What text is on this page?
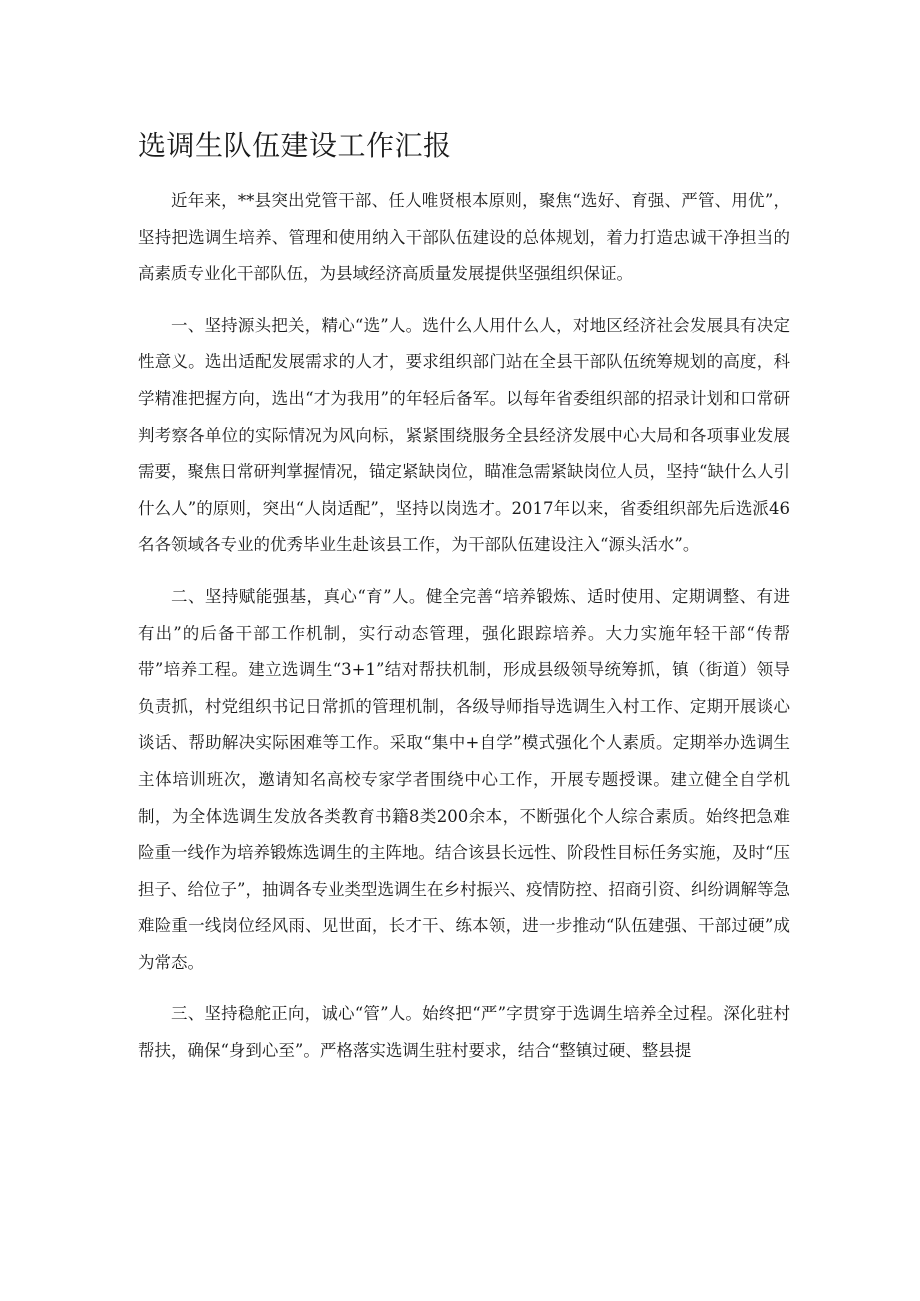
选调生队伍建设工作汇报

近年来，**县突出党管干部、任人唯贤根本原则，聚焦“选好、育强、严管、用优”，坚持把选调生培养、管理和使用纳入干部队伍建设的总体规划，着力打造忠诚干净担当的高素质专业化干部队伍，为县域经济高质量发展提供坚强组织保证。

一、坚持源头把关，精心“选”人。选什么人用什么人，对地区经济社会发展具有决定性意义。选出适配发展需求的人才，要求组织部门站在全县干部队伍统筹规划的高度，科学精准把握方向，选出“才为我用”的年轻后备军。以每年省委组织部的招录计划和口常研判考察各单位的实际情况为风向标，紧紧围绕服务全县经济发展中心大局和各项事业发展需要，聚焦日常研判掌握情况，锚定紧缺岗位，瞄准急需紧缺岗位人员，坚持“缺什么人引什么人”的原则，突出“人岗适配”，坚持以岗选才。2017年以来，省委组织部先后选派46名各领域各专业的优秀毕业生赴该县工作，为干部队伍建设注入“源头活水”。

二、坚持赋能强基，真心“育”人。健全完善“培养锻炼、适时使用、定期调整、有进有出”的后备干部工作机制，实行动态管理，强化跟踪培养。大力实施年轻干部“传帮带”培养工程。建立选调生“3+1”结对帮扶机制，形成县级领导统筹抓，镇（街道）领导负责抓，村党组织书记日常抓的管理机制，各级导师指导选调生入村工作、定期开展谈心谈话、帮助解决实际困难等工作。采取“集中+自学”模式强化个人素质。定期举办选调生主体培训班次，邀请知名高校专家学者围绕中心工作，开展专题授课。建立健全自学机制，为全体选调生发放各类教育书籍8类200余本，不断强化个人综合素质。始终把急难险重一线作为培养锻炼选调生的主阵地。结合该县长远性、阶段性目标任务实施，及时“压担子、给位子”，抽调各专业类型选调生在乡村振兴、疫情防控、招商引资、纠纷调解等急难险重一线岗位经风雨、见世面，长才干、练本领，进一步推动“队伍建强、干部过硬”成为常态。

三、坚持稳舵正向，诚心“管”人。始终把“严”字贯穿于选调生培养全过程。深化驻村帮扶，确保“身到心至”。严格落实选调生驻村要求，结合“整镇过硬、整县提
